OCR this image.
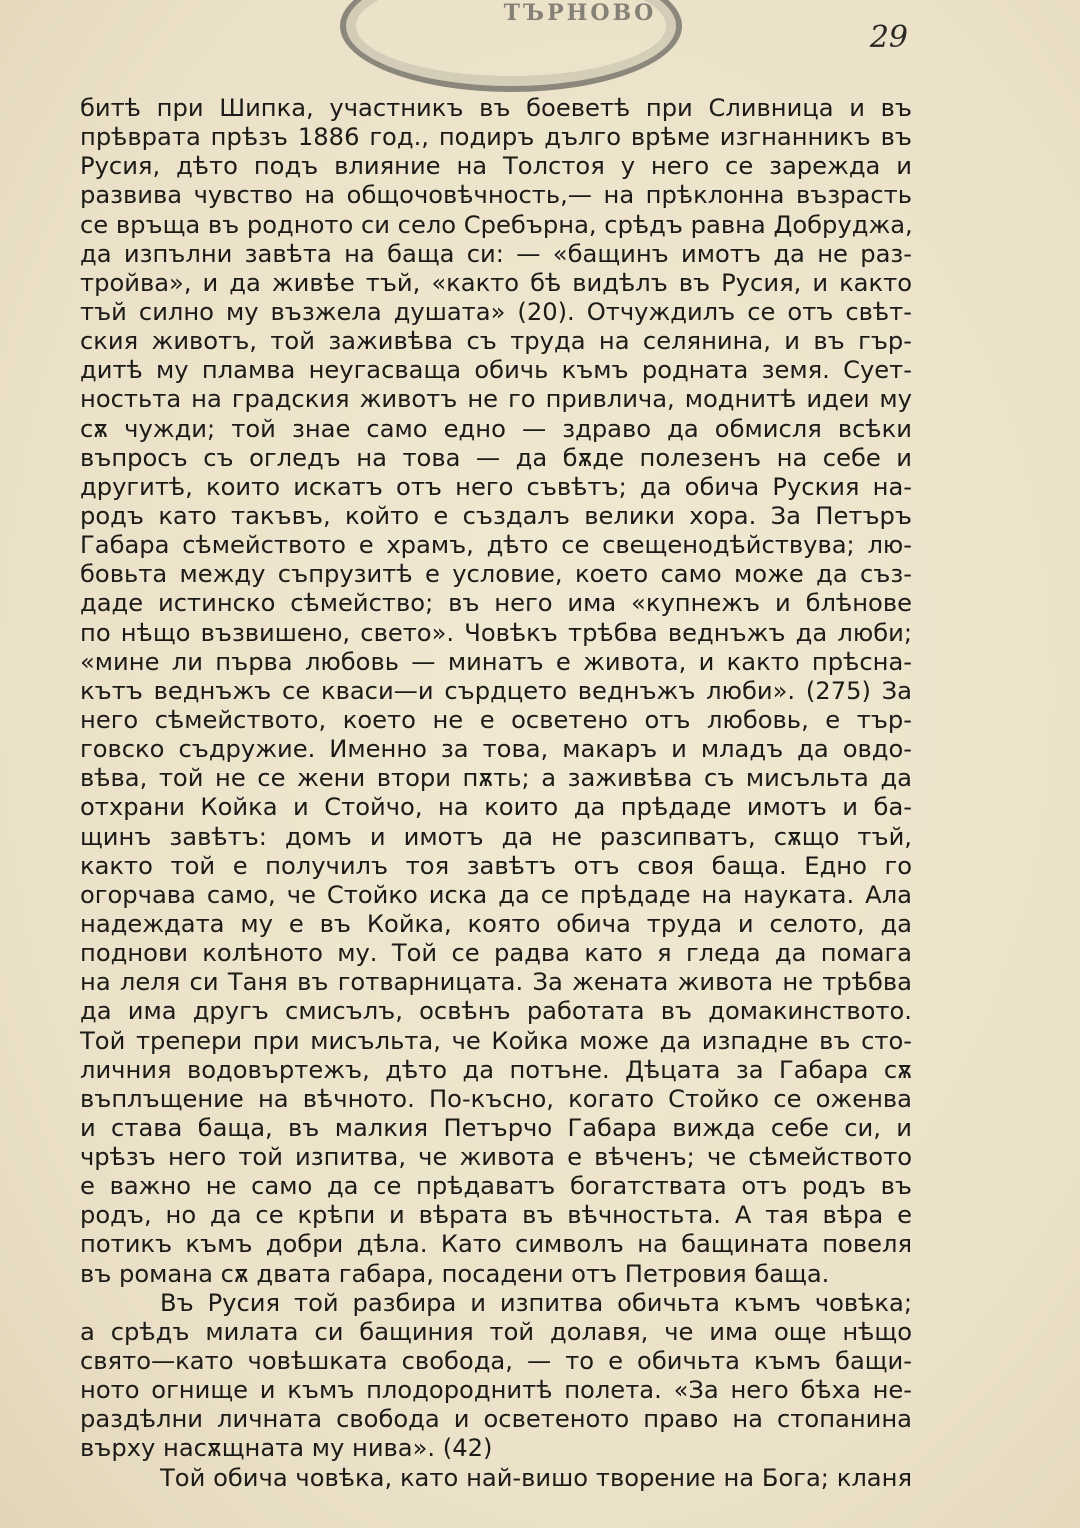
ТЪРНОВО
29
битѣ при Шипка, участникъ въ боеветѣ при Сливница и въ
прѣврата прѣзъ 1886 год., подиръ дълго врѣме изгнанникъ въ
Русия, дѣто подъ влияние на Толстоя у него се зарежда и
развива чувство на общочовѣчность,— на прѣклонна възрасть
се връща въ родното си село Сребърна, срѣдъ равна Добруджа,
да изпълни завѣта на баща си: — «бащинъ имотъ да не раз-
тройва», и да живѣе тъй, «както бѣ видѣлъ въ Русия, и както
тъй силно му възжела душата» (20). Отчуждилъ се отъ свѣт-
ския животъ, той заживѣва съ труда на селянина, и въ гър-
дитѣ му пламва неугасваща обичь къмъ родната земя. Сует-
ностьта на градския животъ не го привлича, моднитѣ идеи му
сѫ чужди; той знае само едно — здраво да обмисля всѣки
въпросъ съ огледъ на това — да бѫде полезенъ на себе и
другитѣ, които искатъ отъ него съвѣтъ; да обича Руския на-
родъ като такъвъ, който е създалъ велики хора. За Петъръ
Габара сѣмейството е храмъ, дѣто се свещенодѣйствува; лю-
бовьта между съпрузитѣ е условие, което само може да съз-
даде истинско сѣмейство; въ него има «купнежъ и блѣнове
по нѣщо възвишено, свето». Човѣкъ трѣбва веднъжъ да люби;
«мине ли първа любовь — минатъ е живота, и както прѣсна-
кътъ веднъжъ се кваси—и сърдцето веднъжъ люби». (275) За
него сѣмейството, което не е осветено отъ любовь, е тър-
говско съдружие. Именно за това, макаръ и младъ да овдо-
вѣва, той не се жени втори пѫть; а заживѣва съ мисъльта да
отхрани Койка и Стойчо, на които да прѣдаде имотъ и ба-
щинъ завѣтъ: домъ и имотъ да не разсипватъ, сѫщо тъй,
както той е получилъ тоя завѣтъ отъ своя баща. Едно го
огорчава само, че Стойко иска да се прѣдаде на науката. Ала
надеждата му е въ Койка, която обича труда и селото, да
поднови колѣното му. Той се радва като я гледа да помага
на леля си Таня въ готварницата. За жената живота не трѣбва
да има другъ смисълъ, освѣнъ работата въ домакинството.
Той трепери при мисъльта, че Койка може да изпадне въ сто-
личния водовъртежъ, дѣто да потъне. Дѣцата за Габара сѫ
въплъщение на вѣчното. По-късно, когато Стойко се оженва
и става баща, въ малкия Петърчо Габара вижда себе си, и
чрѣзъ него той изпитва, че живота е вѣченъ; че сѣмейството
е важно не само да се прѣдаватъ богатствата отъ родъ въ
родъ, но да се крѣпи и вѣрата въ вѣчностьта. А тая вѣра е
потикъ къмъ добри дѣла. Като символъ на бащината повеля
въ романа сѫ двата габара, посадени отъ Петровия баща.
Въ Русия той разбира и изпитва обичьта къмъ човѣка;
а срѣдъ милата си бащиния той долавя, че има още нѣщо
свято—като човѣшката свобода, — то е обичьта къмъ бащи-
ното огнище и къмъ плодороднитѣ полета. «За него бѣха не-
раздѣлни личната свобода и осветеното право на стопанина
върху насѫщната му нива». (42)
Той обича човѣка, като най-вишо творение на Бога; кланя
